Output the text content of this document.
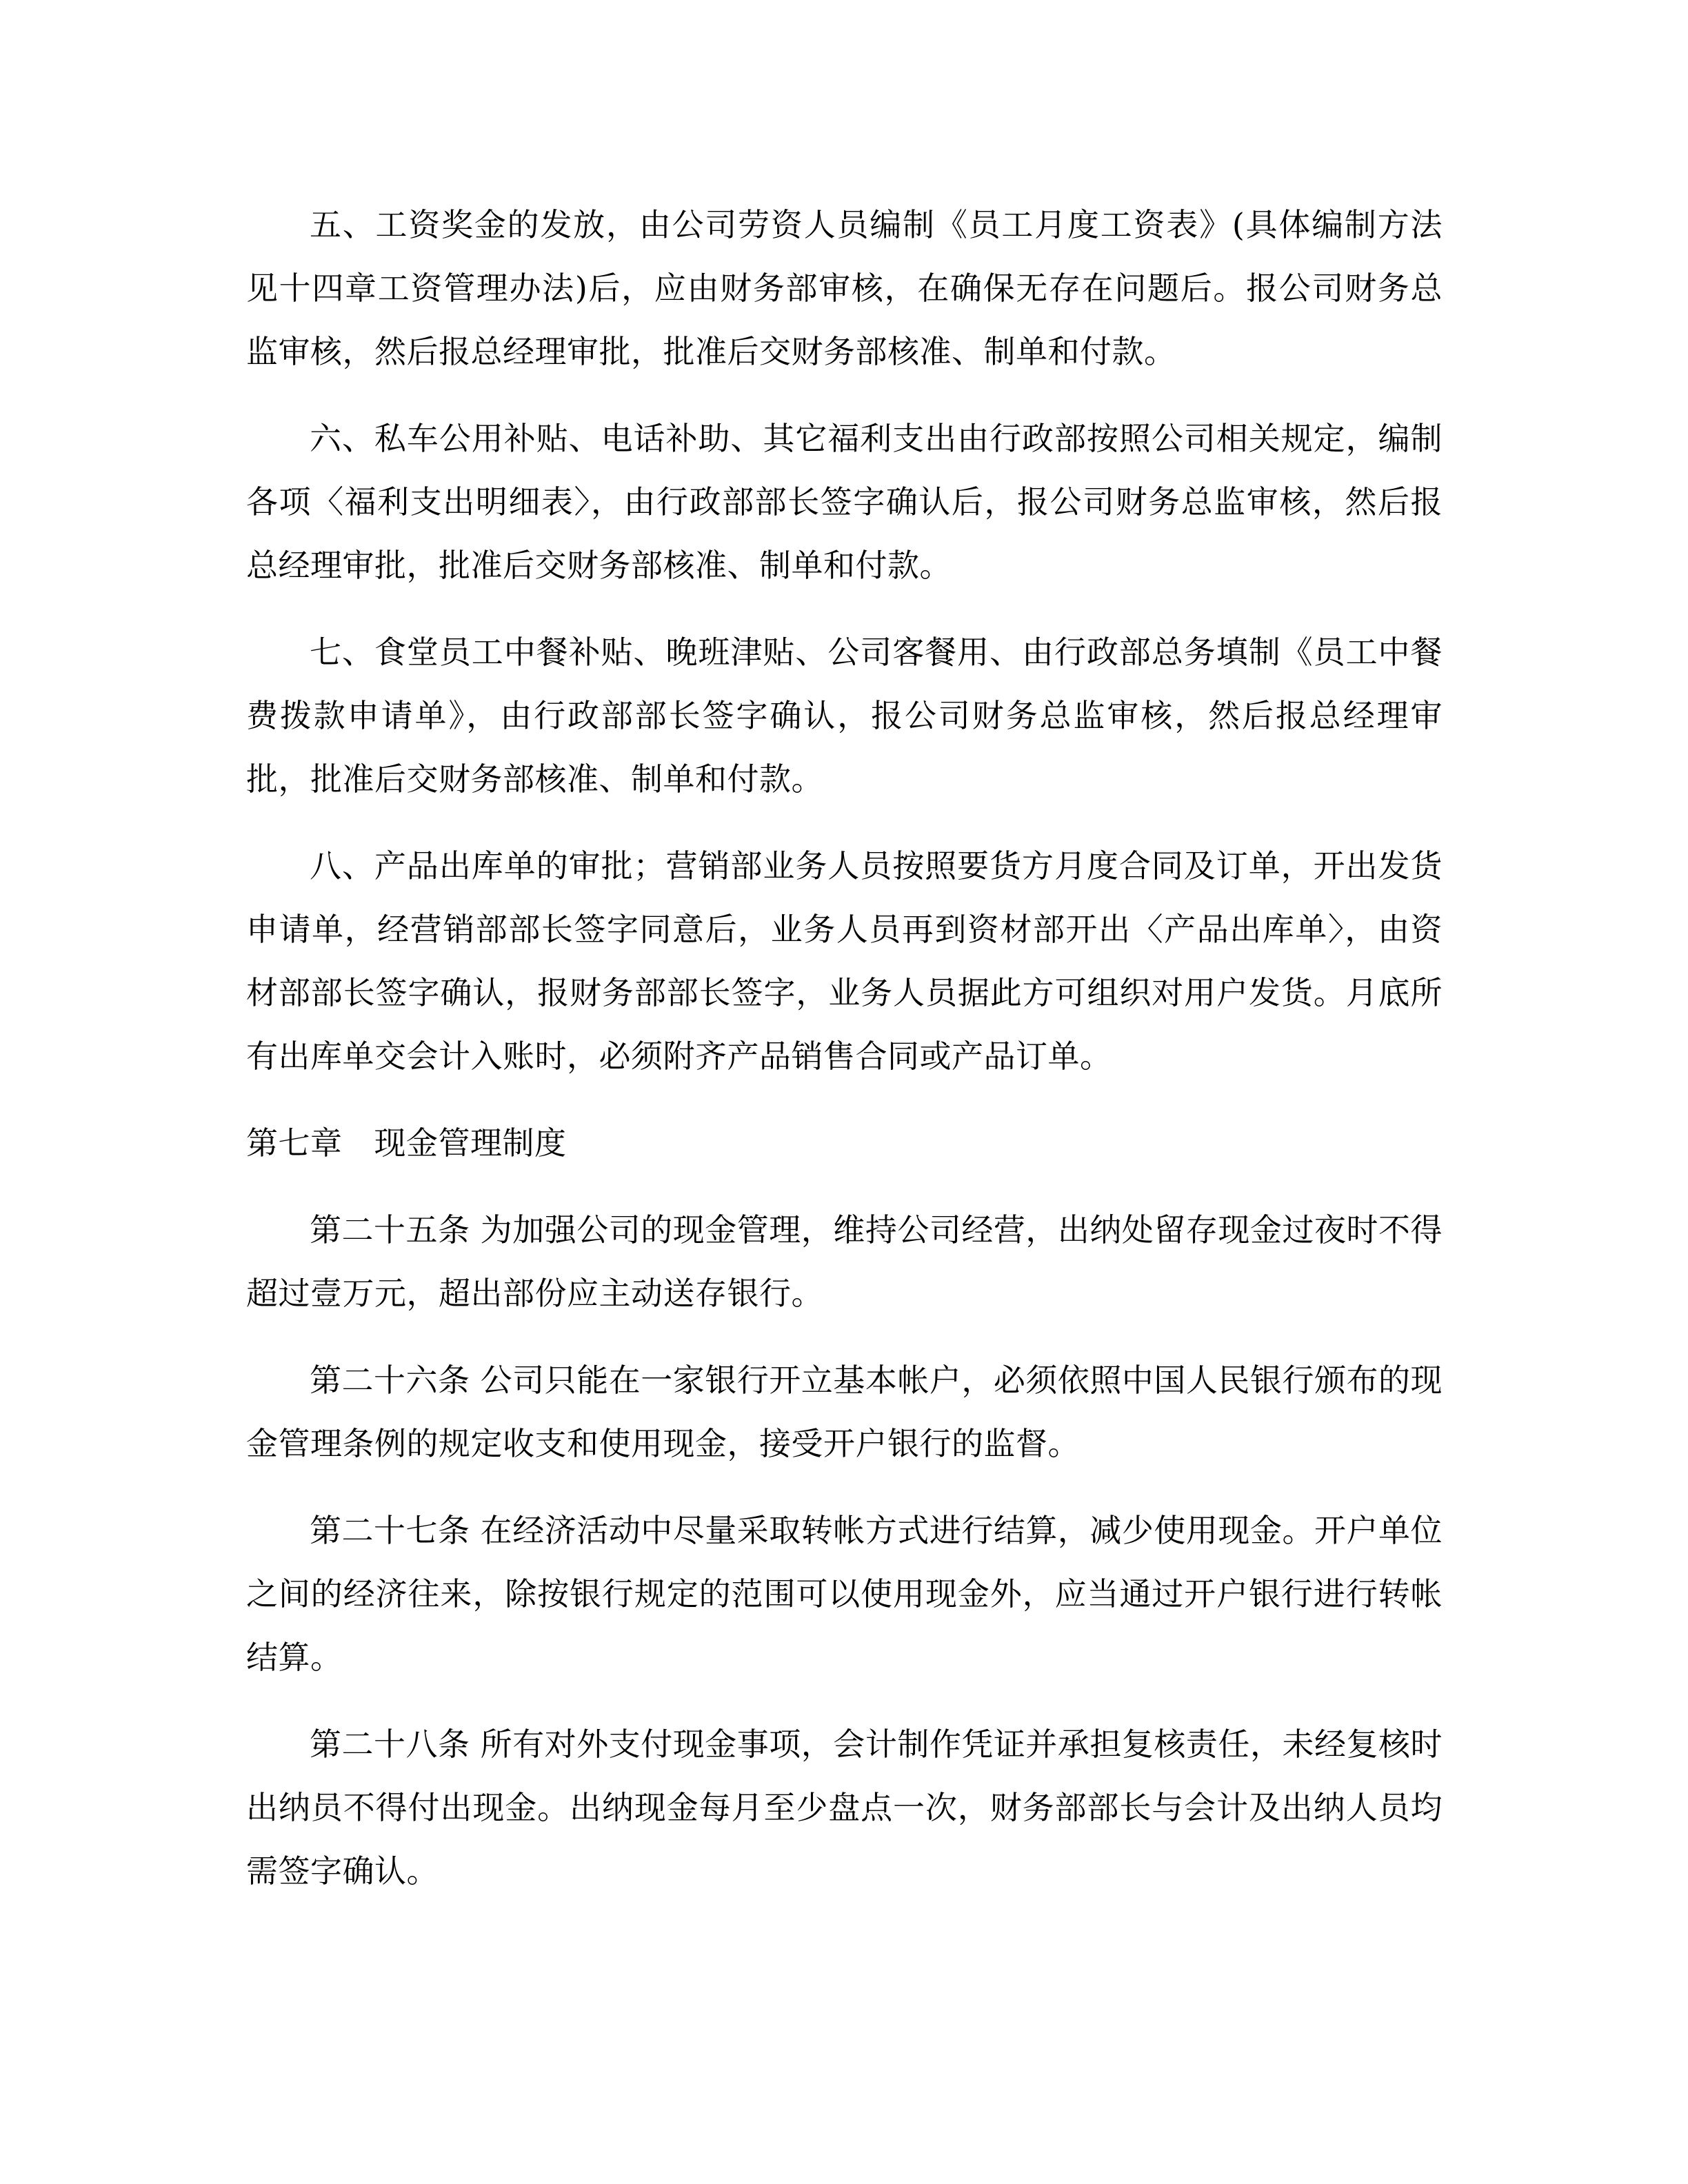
五、工资奖金的发放，由公司劳资人员编制《员工月度工资表》(具体编制方法见十四章工资管理办法)后，应由财务部审核，在确保无存在问题后。报公司财务总监审核，然后报总经理审批，批准后交财务部核准、制单和付款。

六、私车公用补贴、电话补助、其它福利支出由行政部按照公司相关规定，编制各项〈福利支出明细表〉，由行政部部长签字确认后，报公司财务总监审核，然后报总经理审批，批准后交财务部核准、制单和付款。

七、食堂员工中餐补贴、晚班津贴、公司客餐用、由行政部总务填制《员工中餐费拨款申请单》，由行政部部长签字确认，报公司财务总监审核，然后报总经理审批，批准后交财务部核准、制单和付款。

八、产品出库单的审批；营销部业务人员按照要货方月度合同及订单，开出发货申请单，经营销部部长签字同意后，业务人员再到资材部开出〈产品出库单〉，由资材部部长签字确认，报财务部部长签字，业务人员据此方可组织对用户发货。月底所有出库单交会计入账时，必须附齐产品销售合同或产品订单。

第七章 现金管理制度

第二十五条 为加强公司的现金管理，维持公司经营，出纳处留存现金过夜时不得超过壹万元，超出部份应主动送存银行。

第二十六条 公司只能在一家银行开立基本帐户，必须依照中国人民银行颁布的现金管理条例的规定收支和使用现金，接受开户银行的监督。

第二十七条 在经济活动中尽量采取转帐方式进行结算，减少使用现金。开户单位之间的经济往来，除按银行规定的范围可以使用现金外，应当通过开户银行进行转帐结算。

第二十八条 所有对外支付现金事项，会计制作凭证并承担复核责任，未经复核时出纳员不得付出现金。出纳现金每月至少盘点一次，财务部部长与会计及出纳人员均需签字确认。
